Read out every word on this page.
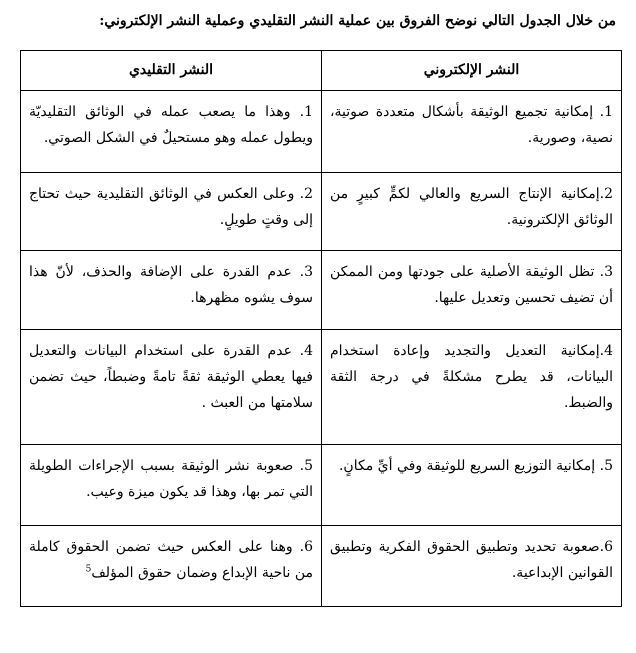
من خلال الجدول التالي نوضح الفروق بين عملية النشر التقليدي وعملية النشر الإلكتروني:
النشر الإلكتروني	النشر التقليدي
1. إمكانية تجميع الوثيقة بأشكال متعددة صوتية، نصية، وصورية.	1. وهذا ما يصعب عمله في الوثائق التقليديّة ويطول عمله وهو مستحيلٌ في الشكل الصوتي.
2.إمكانية الإنتاج السريع والعالي لكمٍّ كبيرٍ من الوثائق الإلكترونية.	2. وعلى العكس في الوثائق التقليدية حيث تحتاج إلى وقتٍ طويلٍ.
3. تظل الوثيقة الأصلية على جودتها ومن الممكن أن تضيف تحسين وتعديل عليها.	3. عدم القدرة على الإضافة والحذف، لأنّ هذا سوف يشوه مظهرها.
4.إمكانية التعديل والتجديد وإعادة استخدام البيانات، قد يطرح مشكلةً في درجة الثقة والضبط.	4. عدم القدرة على استخدام البيانات والتعديل فيها يعطي الوثيقة ثقةً تامةً وضبطاً، حيث تضمن سلامتها من العبث .
5. إمكانية التوزيع السريع للوثيقة وفي أيِّ مكانٍ.	5. صعوبة نشر الوثيقة بسبب الإجراءات الطويلة التي تمر بها، وهذا قد يكون ميزة وعيب.
6.صعوبة تحديد وتطبيق الحقوق الفكرية وتطبيق القوانين الإبداعية.	6. وهنا على العكس حيث تضمن الحقوق كاملة من ناحية الإبداع وضمان حقوق المؤلف$^5$
